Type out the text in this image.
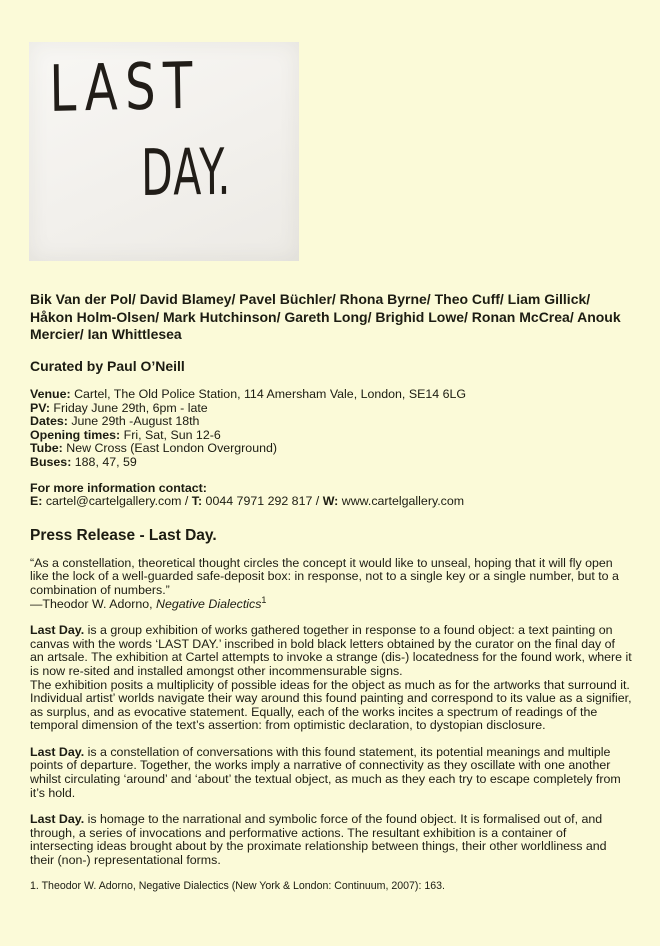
LAST
DAY.

Bik Van der Pol/ David Blamey/ Pavel Büchler/ Rhona Byrne/ Theo Cuff/ Liam Gillick/ Håkon Holm-Olsen/ Mark Hutchinson/ Gareth Long/ Brighid Lowe/ Ronan McCrea/ Anouk Mercier/ Ian Whittlesea

Curated by Paul O’Neill

Venue: Cartel, The Old Police Station, 114 Amersham Vale, London, SE14 6LG
PV: Friday June 29th, 6pm - late
Dates: June 29th -August 18th
Opening times: Fri, Sat, Sun 12-6
Tube: New Cross (East London Overground)
Buses: 188, 47, 59
For more information contact:
E: cartel@cartelgallery.com / T: 0044 7971 292 817 / W: www.cartelgallery.com
Press Release - Last Day.

“As a constellation, theoretical thought circles the concept it would like to unseal, hoping that it will fly open like the lock of a well-guarded safe-deposit box: in response, not to a single key or a single number, but to a combination of numbers.”
—Theodor W. Adorno, Negative Dialectics$^1$

Last Day. is a group exhibition of works gathered together in response to a found object: a text painting on canvas with the words ‘LAST DAY.’ inscribed in bold black letters obtained by the curator on the final day of an artsale. The exhibition at Cartel attempts to invoke a strange (dis-) locatedness for the found work, where it is now re-sited and installed amongst other incommensurable signs.
The exhibition posits a multiplicity of possible ideas for the object as much as for the artworks that surround it. Individual artist’ worlds navigate their way around this found painting and correspond to its value as a signifier, as surplus, and as evocative statement. Equally, each of the works incites a spectrum of readings of the temporal dimension of the text’s assertion: from optimistic declaration, to dystopian disclosure.

Last Day. is a constellation of conversations with this found statement, its potential meanings and multiple points of departure. Together, the works imply a narrative of connectivity as they oscillate with one another whilst circulating ‘around’ and ‘about’ the textual object, as much as they each try to escape completely from it’s hold.

Last Day. is homage to the narrational and symbolic force of the found object. It is formalised out of, and through, a series of invocations and performative actions. The resultant exhibition is a container of intersecting ideas brought about by the proximate relationship between things, their other worldliness and their (non-) representational forms.

1. Theodor W. Adorno, Negative Dialectics (New York & London: Continuum, 2007): 163.
